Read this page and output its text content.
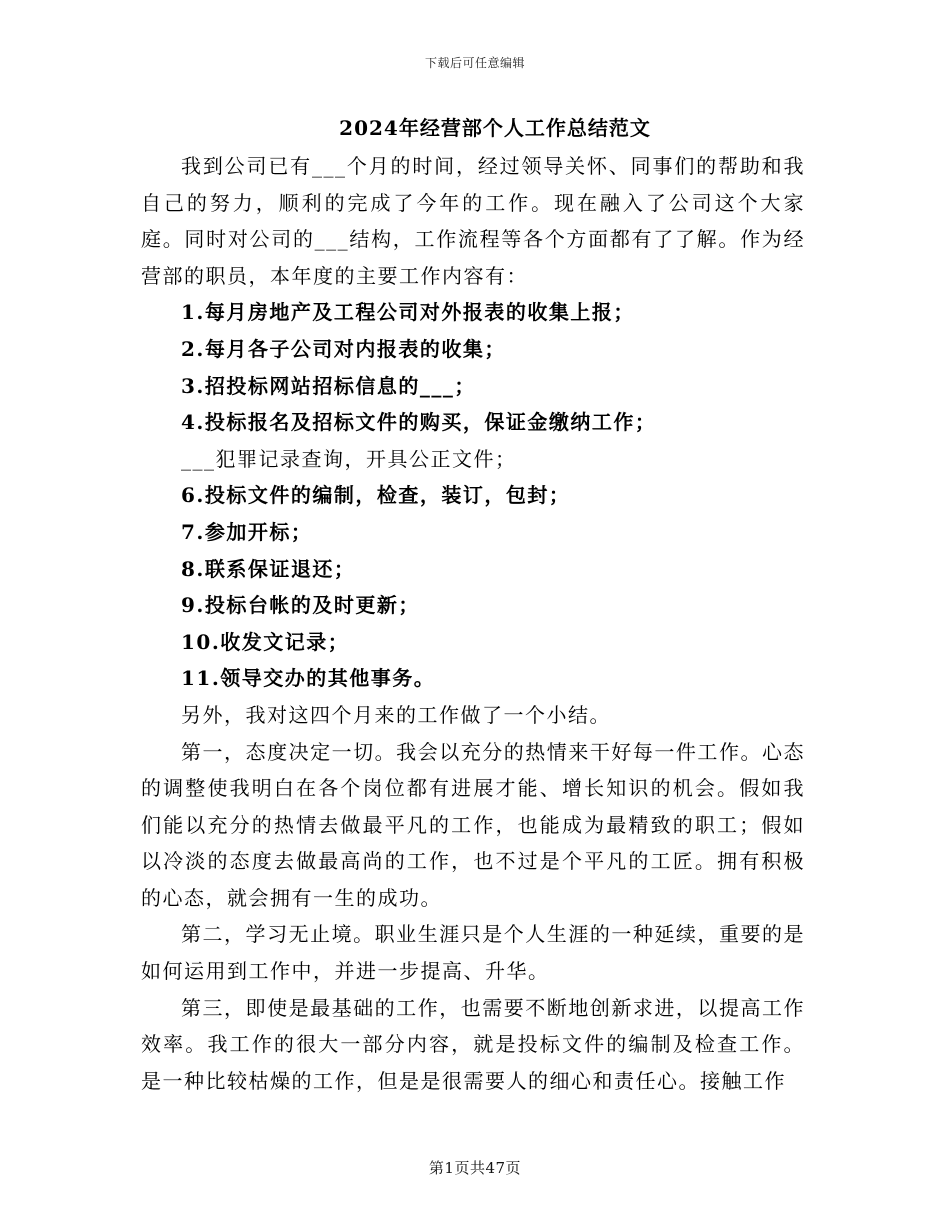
下载后可任意编辑
2024年经营部个人工作总结范文

我到公司已有___个月的时间，经过领导关怀、同事们的帮助和我自己的努力，顺利的完成了今年的工作。现在融入了公司这个大家庭。同时对公司的___结构，工作流程等各个方面都有了了解。作为经营部的职员，本年度的主要工作内容有：

1.每月房地产及工程公司对外报表的收集上报；

2.每月各子公司对内报表的收集；

3.招投标网站招标信息的___；

4.投标报名及招标文件的购买，保证金缴纳工作；

___犯罪记录查询，开具公正文件；

6.投标文件的编制，检查，装订，包封；

7.参加开标；

8.联系保证退还；

9.投标台帐的及时更新；

10.收发文记录；

11.领导交办的其他事务。

另外，我对这四个月来的工作做了一个小结。

第一，态度决定一切。我会以充分的热情来干好每一件工作。心态的调整使我明白在各个岗位都有进展才能、增长知识的机会。假如我们能以充分的热情去做最平凡的工作，也能成为最精致的职工；假如以冷淡的态度去做最高尚的工作，也不过是个平凡的工匠。拥有积极的心态，就会拥有一生的成功。

第二，学习无止境。职业生涯只是个人生涯的一种延续，重要的是如何运用到工作中，并进一步提高、升华。

第三，即使是最基础的工作，也需要不断地创新求进，以提高工作效率。我工作的很大一部分内容，就是投标文件的编制及检查工作。是一种比较枯燥的工作，但是是很需要人的细心和责任心。接触工作

第1页共47页
